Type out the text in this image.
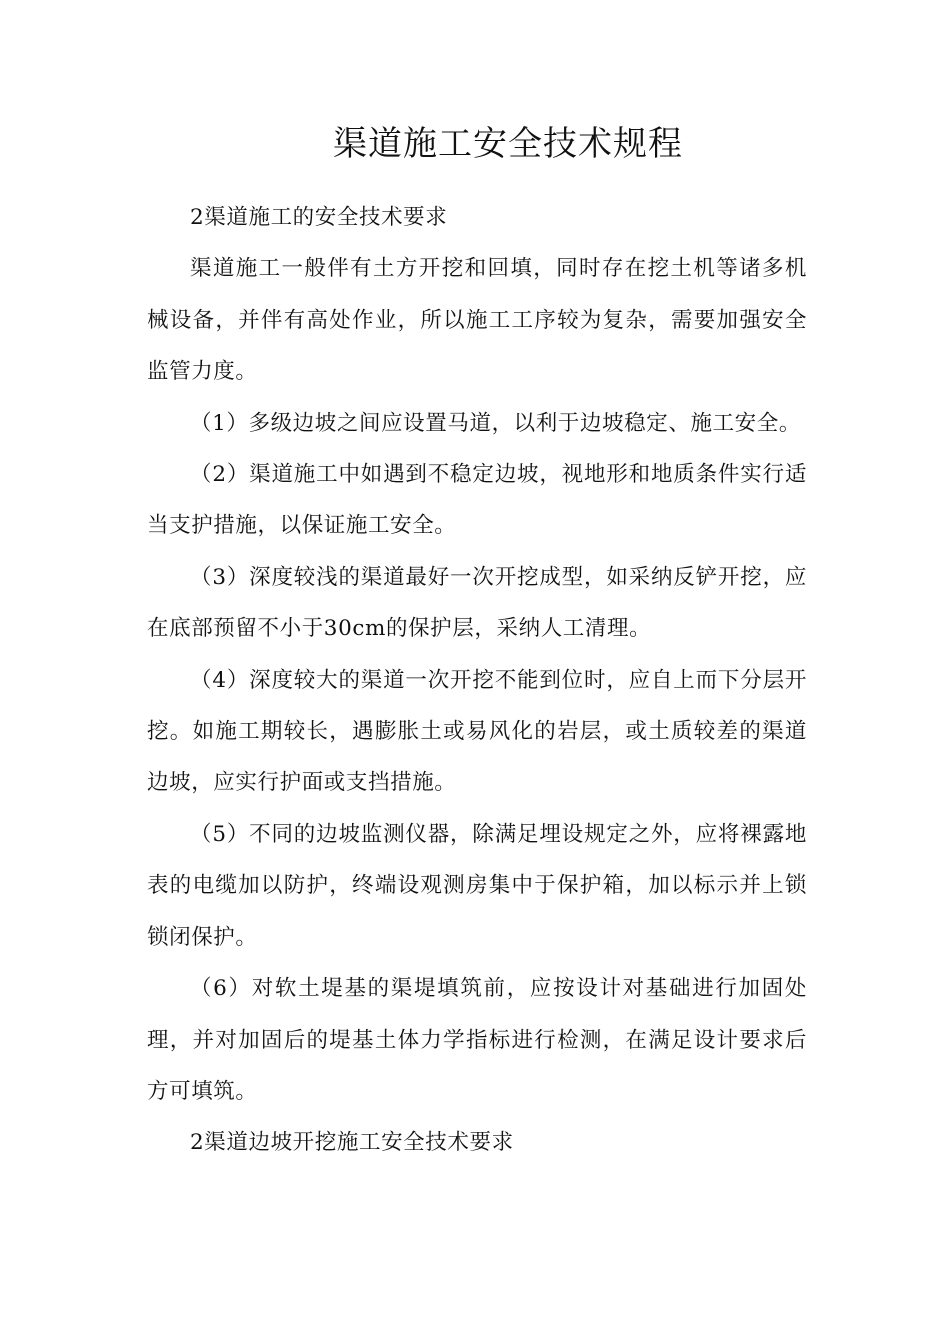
渠道施工安全技术规程

2渠道施工的安全技术要求

渠道施工一般伴有土方开挖和回填，同时存在挖土机等诸多机械设备，并伴有高处作业，所以施工工序较为复杂，需要加强安全监管力度。

（1）多级边坡之间应设置马道，以利于边坡稳定、施工安全。

（2）渠道施工中如遇到不稳定边坡，视地形和地质条件实行适当支护措施，以保证施工安全。

（3）深度较浅的渠道最好一次开挖成型，如采纳反铲开挖，应在底部预留不小于30cm的保护层，采纳人工清理。

（4）深度较大的渠道一次开挖不能到位时，应自上而下分层开挖。如施工期较长，遇膨胀土或易风化的岩层，或土质较差的渠道边坡，应实行护面或支挡措施。

（5）不同的边坡监测仪器，除满足埋设规定之外，应将裸露地表的电缆加以防护，终端设观测房集中于保护箱，加以标示并上锁锁闭保护。

（6）对软土堤基的渠堤填筑前，应按设计对基础进行加固处理，并对加固后的堤基土体力学指标进行检测，在满足设计要求后方可填筑。

2渠道边坡开挖施工安全技术要求
